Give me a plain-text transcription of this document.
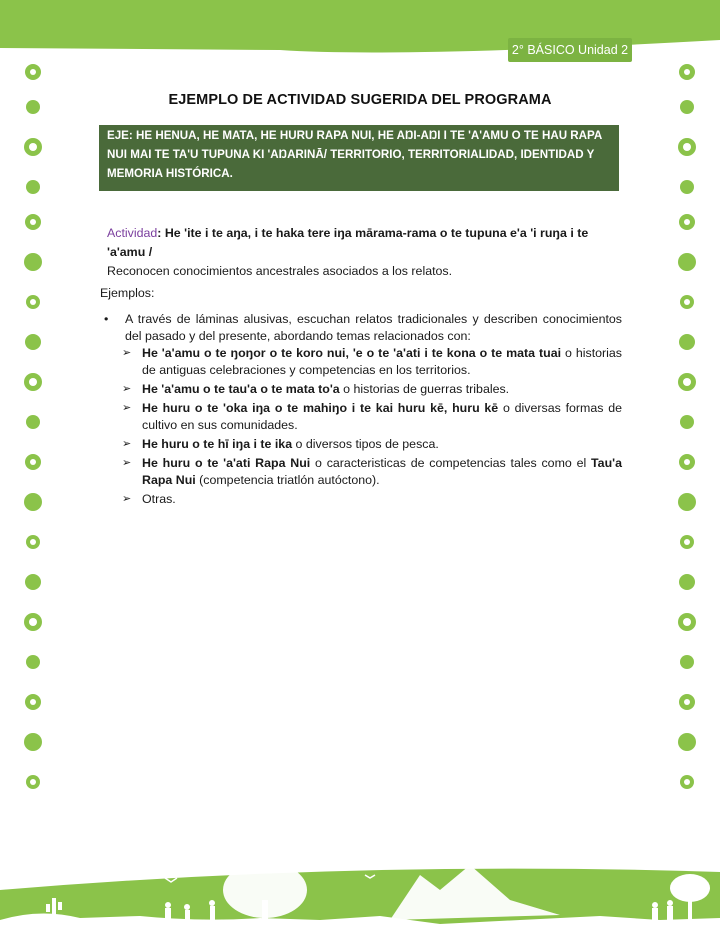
2° BÁSICO Unidad 2
EJEMPLO DE ACTIVIDAD SUGERIDA DEL PROGRAMA
EJE: HE HENUA, HE MATA, HE HURU RAPA NUI, HE AŊI-AŊI I TE 'A'AMU O TE HAU RAPA NUI MAI TE TA'U TUPUNA KI 'AŊARINĀ/ TERRITORIO, TERRITORIALIDAD, IDENTIDAD Y MEMORIA HISTÓRICA.
Actividad: He 'ite i te aŋa, i te haka tere iŋa mārama-rama o te tupuna e'a 'i ruŋa i te 'a'amu /
Reconocen conocimientos ancestrales asociados a los relatos.
Ejemplos:
• A través de láminas alusivas, escuchan relatos tradicionales y describen conocimientos del pasado y del presente, abordando temas relacionados con:
➢ He 'a'amu o te ŋoŋor o te koro nui, 'e o te 'a'ati i te kona o te mata tuai o historias de antiguas celebraciones y competencias en los territorios.
➢ He 'a'amu o te tau'a o te mata to'a o historias de guerras tribales.
➢ He huru o te 'oka iŋa o te mahiŋo i te kai huru kē, huru kē o diversas formas de cultivo en sus comunidades.
➢ He huru o te hī iŋa i te ika o diversos tipos de pesca.
➢ He huru o te 'a'ati Rapa Nui o caracteristicas de competencias tales como el Tau'a Rapa Nui (competencia triatlón autóctono).
➢ Otras.
